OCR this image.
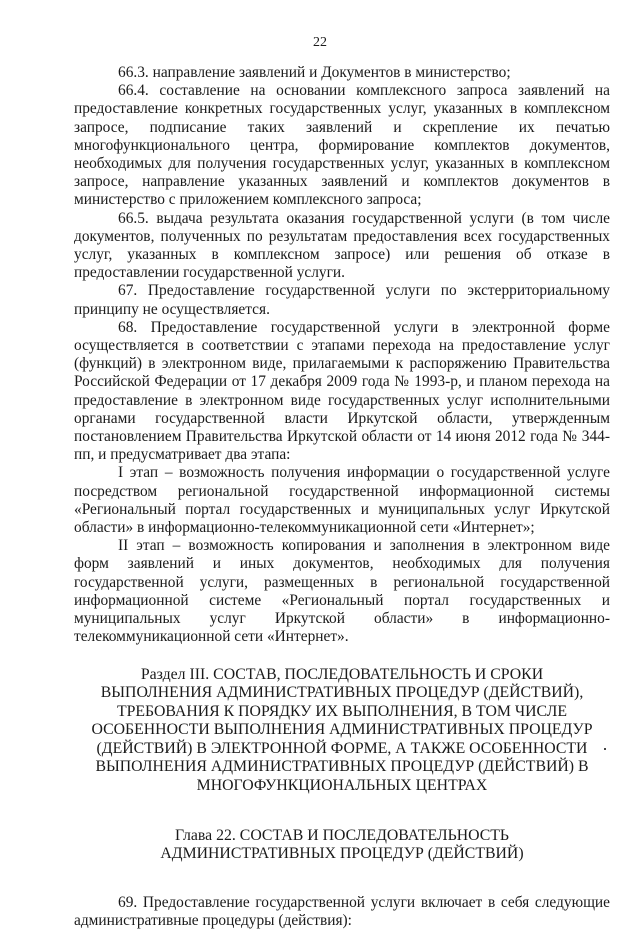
22

66.3. направление заявлений и Документов в министерство;

66.4. составление на основании комплексного запроса заявлений на предоставление конкретных государственных услуг, указанных в комплексном запросе, подписание таких заявлений и скрепление их печатью многофункционального центра, формирование комплектов документов, необходимых для получения государственных услуг, указанных в комплексном запросе, направление указанных заявлений и комплектов документов в министерство с приложением комплексного запроса;

66.5. выдача результата оказания государственной услуги (в том числе документов, полученных по результатам предоставления всех государственных услуг, указанных в комплексном запросе) или решения об отказе в предоставлении государственной услуги.

67. Предоставление государственной услуги по экстерриториальному принципу не осуществляется.

68. Предоставление государственной услуги в электронной форме осуществляется в соответствии с этапами перехода на предоставление услуг (функций) в электронном виде, прилагаемыми к распоряжению Правительства Российской Федерации от 17 декабря 2009 года № 1993-р, и планом перехода на предоставление в электронном виде государственных услуг исполнительными органами государственной власти Иркутской области, утвержденным постановлением Правительства Иркутской области от 14 июня 2012 года № 344-пп, и предусматривает два этапа:

I этап – возможность получения информации о государственной услуге посредством региональной государственной информационной системы «Региональный портал государственных и муниципальных услуг Иркутской области» в информационно-телекоммуникационной сети «Интернет»;

II этап – возможность копирования и заполнения в электронном виде форм заявлений и иных документов, необходимых для получения государственной услуги, размещенных в региональной государственной информационной системе «Региональный портал государственных и муниципальных услуг Иркутской области» в информационно-телекоммуникационной сети «Интернет».

Раздел III. СОСТАВ, ПОСЛЕДОВАТЕЛЬНОСТЬ И СРОКИ
ВЫПОЛНЕНИЯ АДМИНИСТРАТИВНЫХ ПРОЦЕДУР (ДЕЙСТВИЙ),
ТРЕБОВАНИЯ К ПОРЯДКУ ИХ ВЫПОЛНЕНИЯ, В ТОМ ЧИСЛЕ
ОСОБЕННОСТИ ВЫПОЛНЕНИЯ АДМИНИСТРАТИВНЫХ ПРОЦЕДУР
(ДЕЙСТВИЙ) В ЭЛЕКТРОННОЙ ФОРМЕ, А ТАКЖЕ ОСОБЕННОСТИ
ВЫПОЛНЕНИЯ АДМИНИСТРАТИВНЫХ ПРОЦЕДУР (ДЕЙСТВИЙ) В
МНОГОФУНКЦИОНАЛЬНЫХ ЦЕНТРАХ
Глава 22. СОСТАВ И ПОСЛЕДОВАТЕЛЬНОСТЬ
АДМИНИСТРАТИВНЫХ ПРОЦЕДУР (ДЕЙСТВИЙ)

69. Предоставление государственной услуги включает в себя следующие административные процедуры (действия):
